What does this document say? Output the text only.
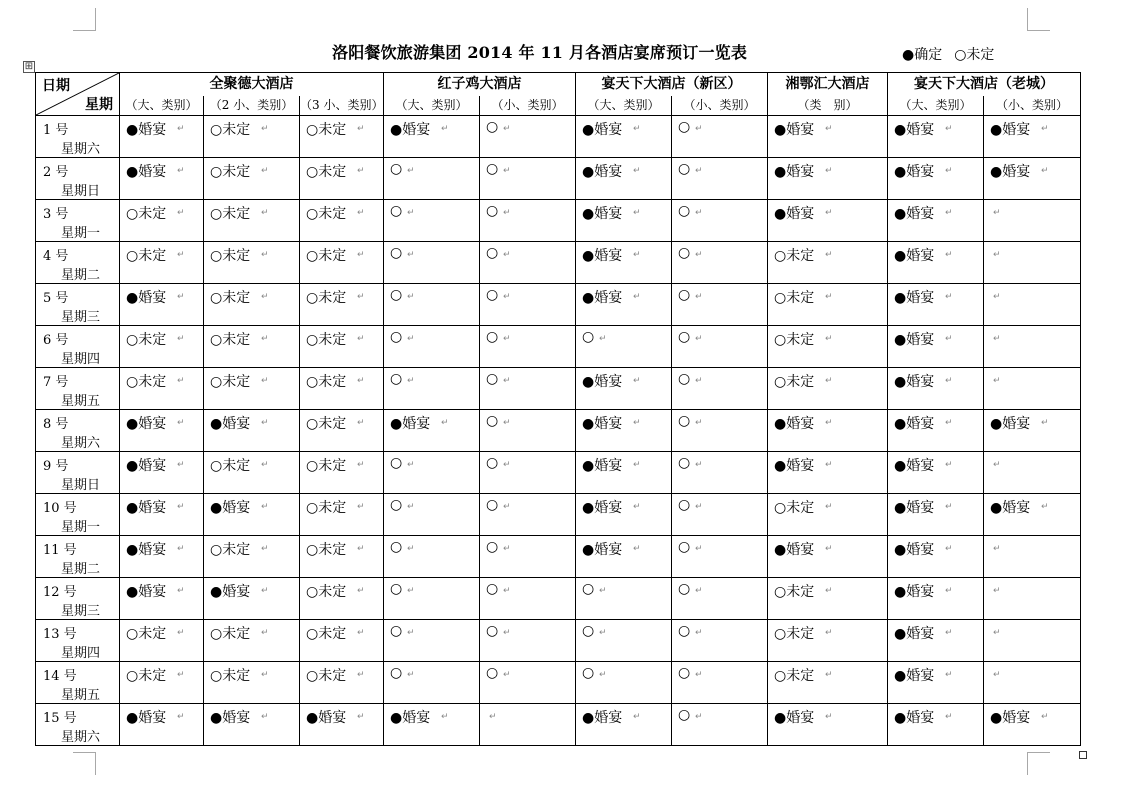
⊞
洛阳餐饮旅游集团 2014 年 11 月各酒店宴席预订一览表	●确定 ○未定
日期
星期	全聚德大酒店			红子鸡大酒店		宴天下大酒店（新区）		湘鄂汇大酒店	宴天下大酒店（老城）	
	（大、类别）	（2 小、类别）	（3 小、类别）	（大、类别）	（小、类别）	（大、类别）	（小、类别）	（类　别）	（大、类别）	（小、类别）

1 号
星期六	●婚宴 ↵	○未定 ↵	○未定 ↵	●婚宴 ↵	○ ↵	●婚宴 ↵	○ ↵	●婚宴 ↵	●婚宴 ↵	●婚宴 ↵

2 号
星期日	●婚宴 ↵	○未定 ↵	○未定 ↵	○ ↵	○ ↵	●婚宴 ↵	○ ↵	●婚宴 ↵	●婚宴 ↵	●婚宴 ↵

3 号
星期一	○未定 ↵	○未定 ↵	○未定 ↵	○ ↵	○ ↵	●婚宴 ↵	○ ↵	●婚宴 ↵	●婚宴 ↵	↵

4 号
星期二	○未定 ↵	○未定 ↵	○未定 ↵	○ ↵	○ ↵	●婚宴 ↵	○ ↵	○未定 ↵	●婚宴 ↵	↵

5 号
星期三	●婚宴 ↵	○未定 ↵	○未定 ↵	○ ↵	○ ↵	●婚宴 ↵	○ ↵	○未定 ↵	●婚宴 ↵	↵

6 号
星期四	○未定 ↵	○未定 ↵	○未定 ↵	○ ↵	○ ↵	○ ↵	○ ↵	○未定 ↵	●婚宴 ↵	↵

7 号
星期五	○未定 ↵	○未定 ↵	○未定 ↵	○ ↵	○ ↵	●婚宴 ↵	○ ↵	○未定 ↵	●婚宴 ↵	↵

8 号
星期六	●婚宴 ↵	●婚宴 ↵	○未定 ↵	●婚宴 ↵	○ ↵	●婚宴 ↵	○ ↵	●婚宴 ↵	●婚宴 ↵	●婚宴 ↵

9 号
星期日	●婚宴 ↵	○未定 ↵	○未定 ↵	○ ↵	○ ↵	●婚宴 ↵	○ ↵	●婚宴 ↵	●婚宴 ↵	↵

10 号
星期一	●婚宴 ↵	●婚宴 ↵	○未定 ↵	○ ↵	○ ↵	●婚宴 ↵	○ ↵	○未定 ↵	●婚宴 ↵	●婚宴 ↵

11 号
星期二	●婚宴 ↵	○未定 ↵	○未定 ↵	○ ↵	○ ↵	●婚宴 ↵	○ ↵	●婚宴 ↵	●婚宴 ↵	↵

12 号
星期三	●婚宴 ↵	●婚宴 ↵	○未定 ↵	○ ↵	○ ↵	○ ↵	○ ↵	○未定 ↵	●婚宴 ↵	↵

13 号
星期四	○未定 ↵	○未定 ↵	○未定 ↵	○ ↵	○ ↵	○ ↵	○ ↵	○未定 ↵	●婚宴 ↵	↵

14 号
星期五	○未定 ↵	○未定 ↵	○未定 ↵	○ ↵	○ ↵	○ ↵	○ ↵	○未定 ↵	●婚宴 ↵	↵

15 号
星期六	●婚宴 ↵	●婚宴 ↵	●婚宴 ↵	●婚宴 ↵	↵	●婚宴 ↵	○ ↵	●婚宴 ↵	●婚宴 ↵	●婚宴 ↵
